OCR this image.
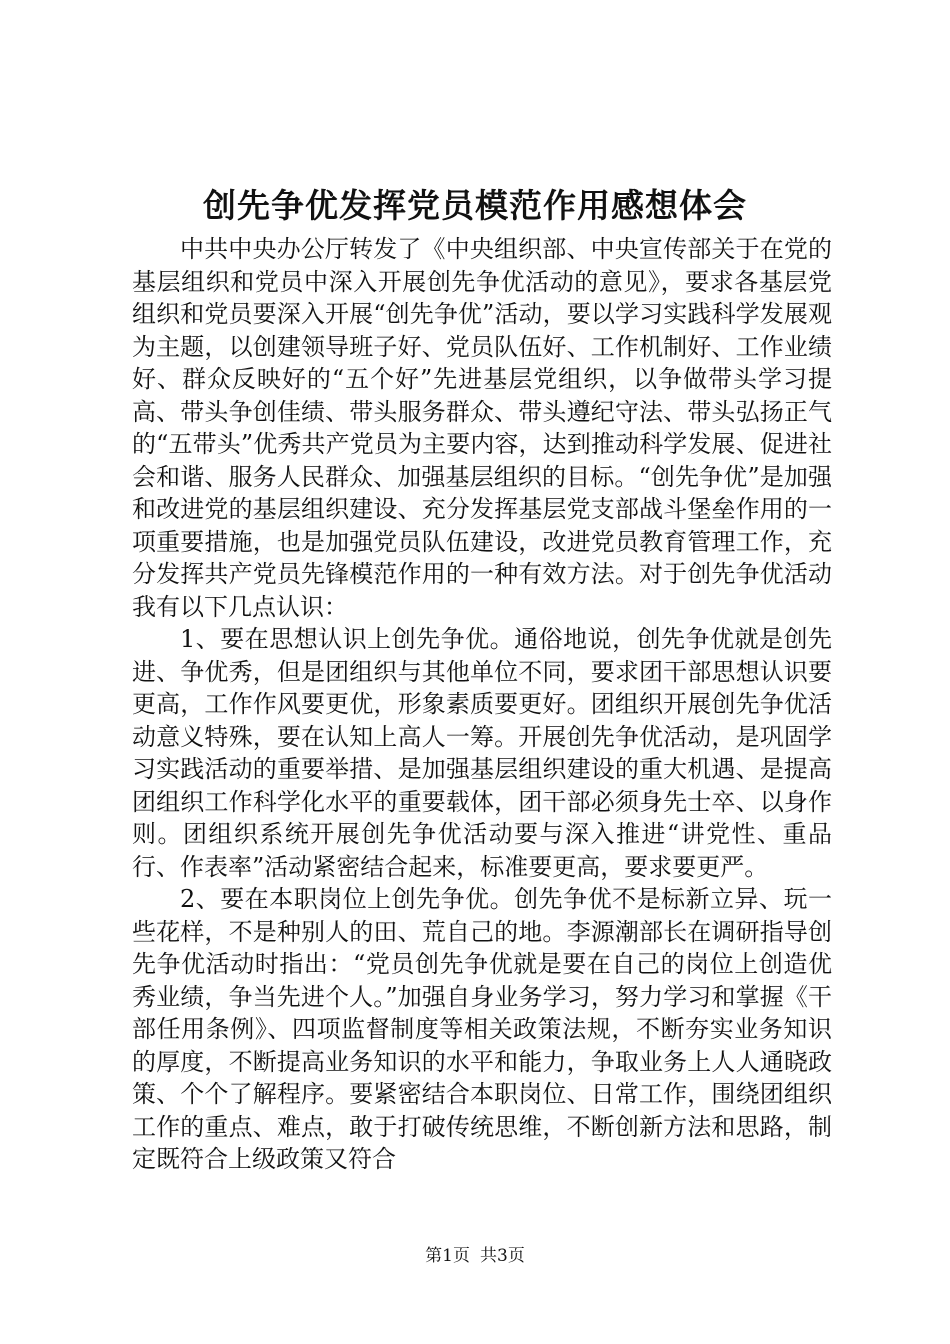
创先争优发挥党员模范作用感想体会

中共中央办公厅转发了《中央组织部、中央宣传部关于在党的基层组织和党员中深入开展创先争优活动的意见》，要求各基层党组织和党员要深入开展“创先争优”活动，要以学习实践科学发展观为主题，以创建领导班子好、党员队伍好、工作机制好、工作业绩好、群众反映好的“五个好”先进基层党组织，以争做带头学习提高、带头争创佳绩、带头服务群众、带头遵纪守法、带头弘扬正气的“五带头”优秀共产党员为主要内容，达到推动科学发展、促进社会和谐、服务人民群众、加强基层组织的目标。“创先争优”是加强和改进党的基层组织建设、充分发挥基层党支部战斗堡垒作用的一项重要措施，也是加强党员队伍建设，改进党员教育管理工作，充分发挥共产党员先锋模范作用的一种有效方法。对于创先争优活动我有以下几点认识：

1、要在思想认识上创先争优。通俗地说，创先争优就是创先进、争优秀，但是团组织与其他单位不同，要求团干部思想认识要更高，工作作风要更优，形象素质要更好。团组织开展创先争优活动意义特殊，要在认知上高人一筹。开展创先争优活动，是巩固学习实践活动的重要举措、是加强基层组织建设的重大机遇、是提高团组织工作科学化水平的重要载体，团干部必须身先士卒、以身作则。团组织系统开展创先争优活动要与深入推进“讲党性、重品行、作表率”活动紧密结合起来，标准要更高，要求要更严。

2、要在本职岗位上创先争优。创先争优不是标新立异、玩一些花样，不是种别人的田、荒自己的地。李源潮部长在调研指导创先争优活动时指出：“党员创先争优就是要在自己的岗位上创造优秀业绩，争当先进个人。”加强自身业务学习，努力学习和掌握《干部任用条例》、四项监督制度等相关政策法规，不断夯实业务知识的厚度，不断提高业务知识的水平和能力，争取业务上人人通晓政策、个个了解程序。要紧密结合本职岗位、日常工作，围绕团组织工作的重点、难点，敢于打破传统思维，不断创新方法和思路，制定既符合上级政策又符合

第1页 共3页
